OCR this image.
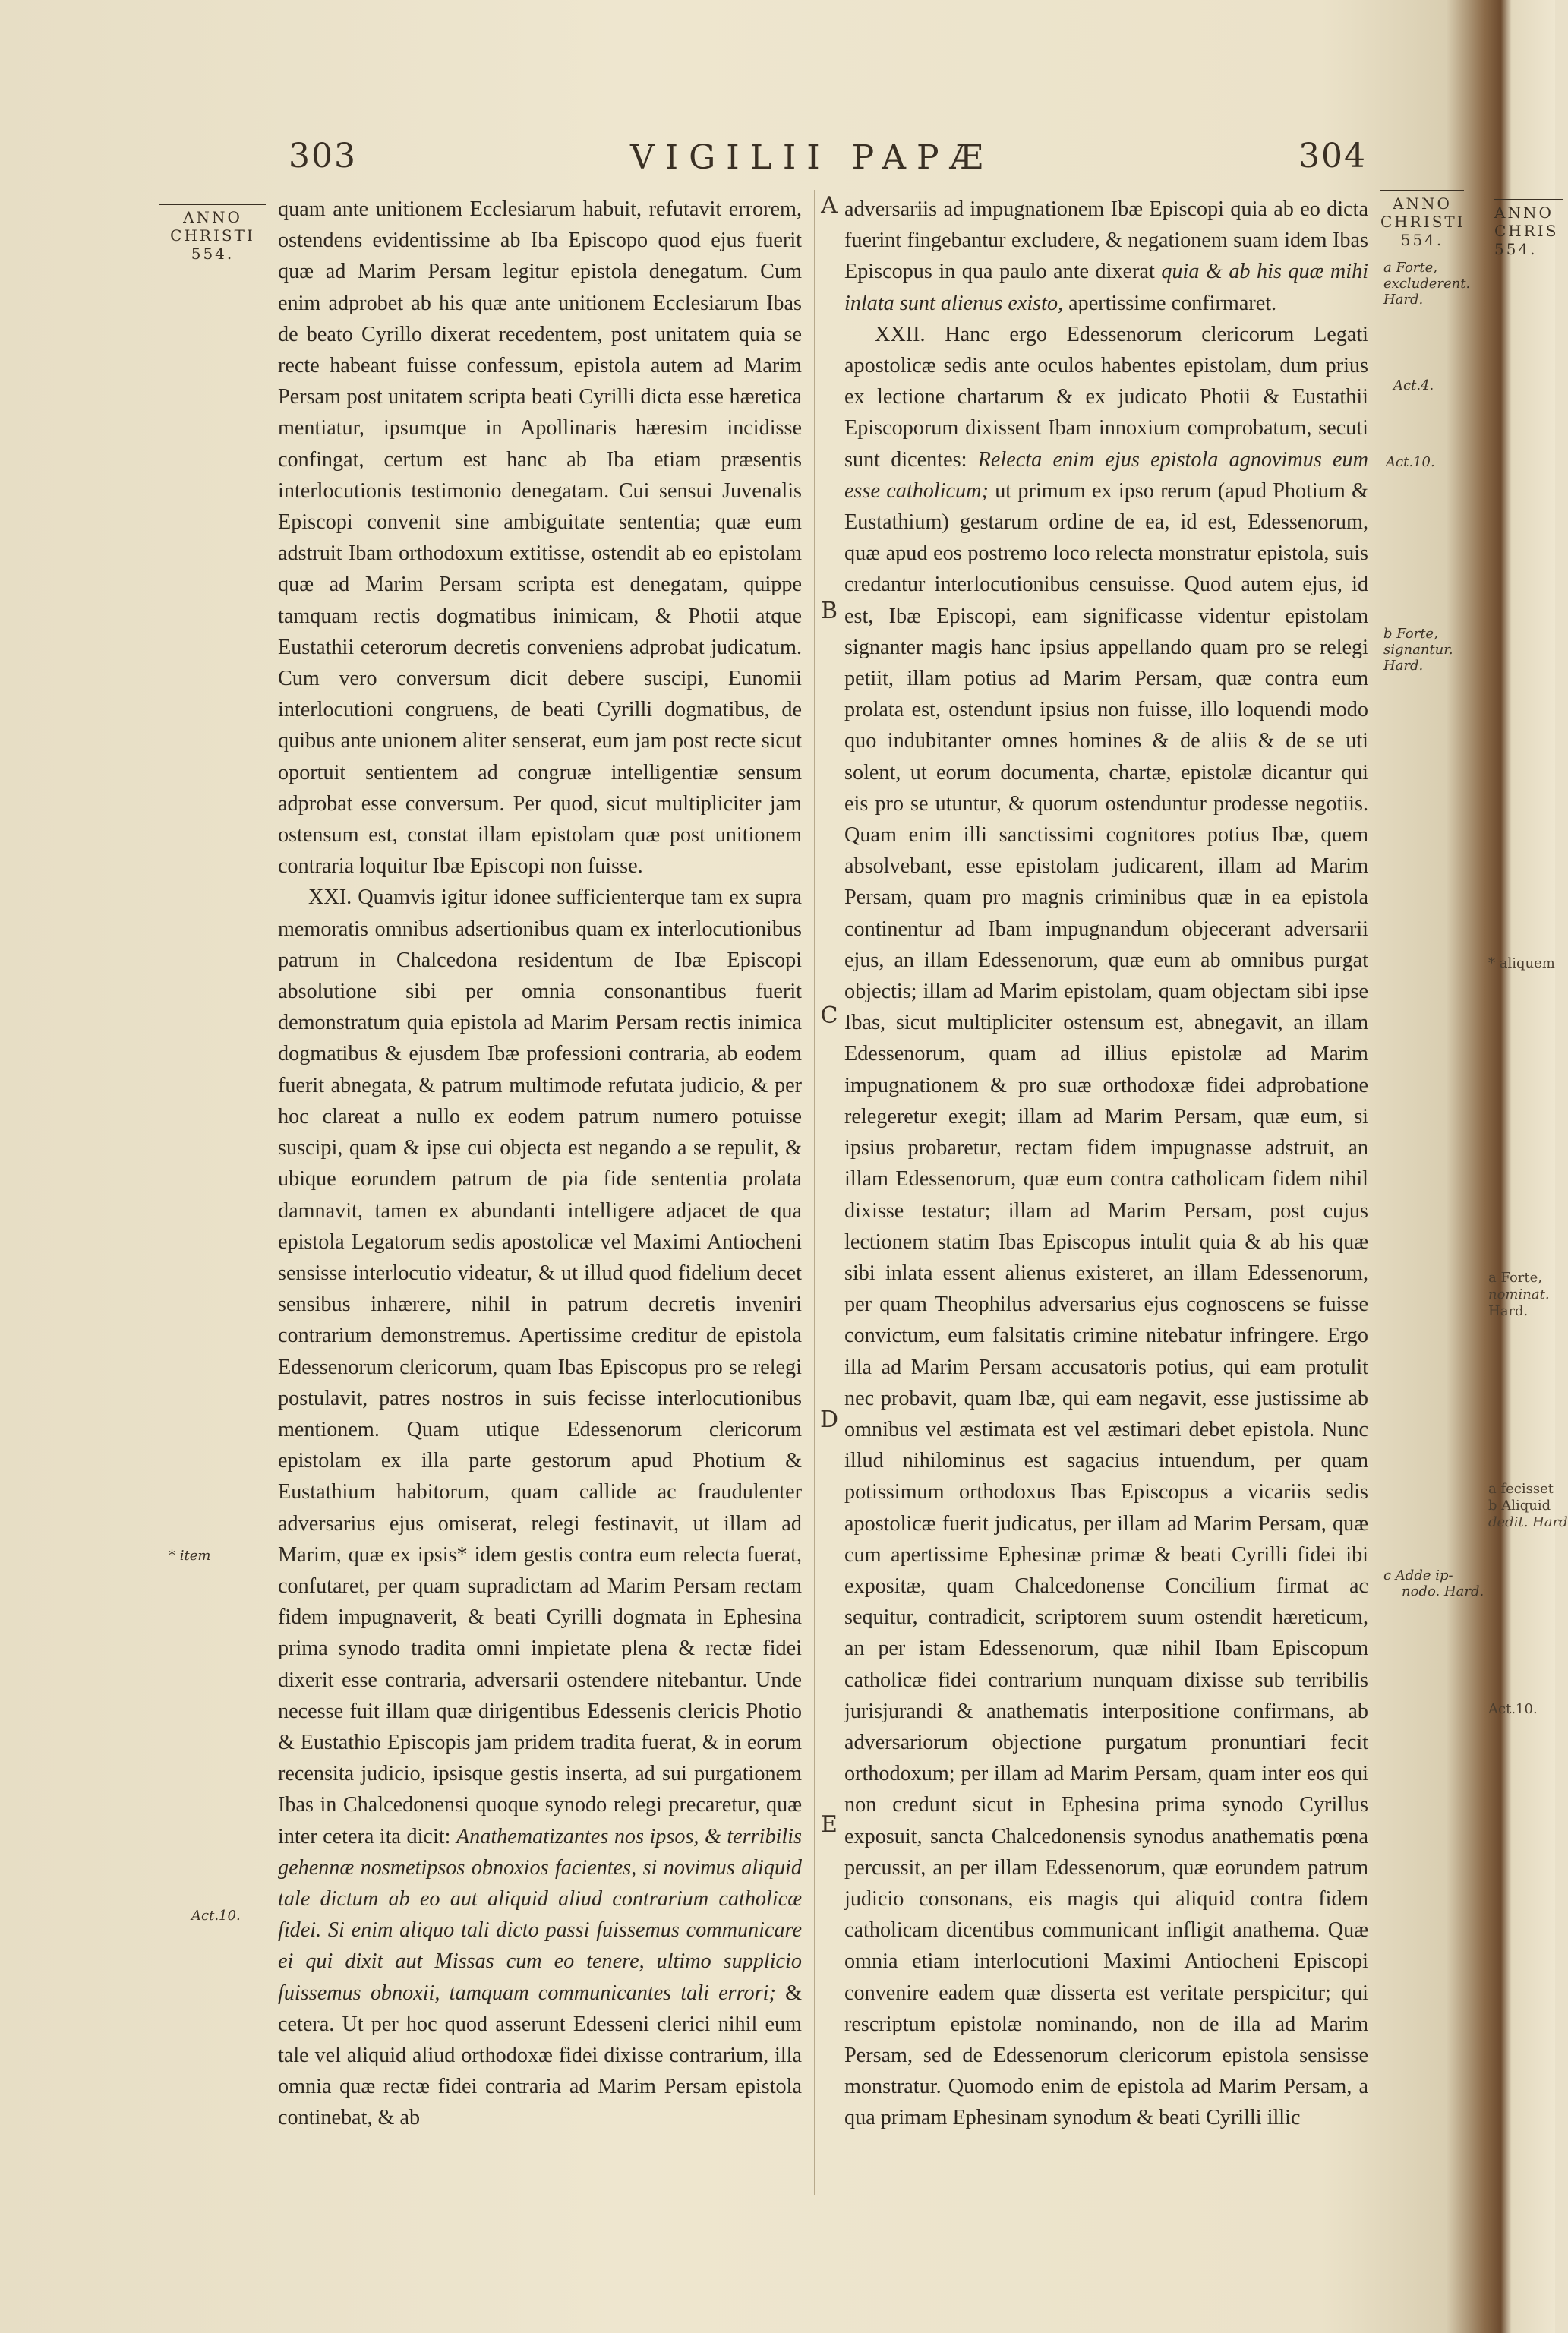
303	VIGILII PAPÆ	304
ANNO
CHRISTI
554.
* item
Act.10.

quam ante unitionem Ecclesiarum habuit, refutavit errorem, ostendens evidentissime ab Iba Episcopo quod ejus fuerit quæ ad Marim Persam legitur epistola denegatum. Cum enim adprobet ab his quæ ante unitionem Ecclesiarum Ibas de beato Cyrillo dixerat recedentem, post unitatem quia se recte habeant fuisse confessum, epistola autem ad Marim Persam post unitatem scripta beati Cyrilli dicta esse hæretica mentiatur, ipsumque in Apollinaris hæresim incidisse confingat, certum est hanc ab Iba etiam præsentis interlocutionis testimonio denegatam. Cui sensui Juvenalis Episcopi convenit sine ambiguitate sententia; quæ eum adstruit Ibam orthodoxum extitisse, ostendit ab eo epistolam quæ ad Marim Persam scripta est denegatam, quippe tamquam rectis dogmatibus inimicam, & Photii atque Eustathii ceterorum decretis conveniens adprobat judicatum. Cum vero conversum dicit debere suscipi, Eunomii interlocutioni congruens, de beati Cyrilli dogmatibus, de quibus ante unionem aliter senserat, eum jam post recte sicut oportuit sentientem ad congruæ intelligentiæ sensum adprobat esse conversum. Per quod, sicut multipliciter jam ostensum est, constat illam epistolam quæ post unitionem contraria loquitur Ibæ Episcopi non fuisse.

XXI. Quamvis igitur idonee sufficienterque tam ex supra memoratis omnibus adsertionibus quam ex interlocutionibus patrum in Chalcedona residentum de Ibæ Episcopi absolutione sibi per omnia consonantibus fuerit demonstratum quia epistola ad Marim Persam rectis inimica dogmatibus & ejusdem Ibæ professioni contraria, ab eodem fuerit abnegata, & patrum multimode refutata judicio, & per hoc clareat a nullo ex eodem patrum numero potuisse suscipi, quam & ipse cui objecta est negando a se repulit, & ubique eorundem patrum de pia fide sententia prolata damnavit, tamen ex abundanti intelligere adjacet de qua epistola Legatorum sedis apostolicæ vel Maximi Antiocheni sensisse interlocutio videatur, & ut illud quod fidelium decet sensibus inhærere, nihil in patrum decretis inveniri contrarium demonstremus. Apertissime creditur de epistola Edessenorum clericorum, quam Ibas Episcopus pro se relegi postulavit, patres nostros in suis fecisse interlocutionibus mentionem. Quam utique Edessenorum clericorum epistolam ex illa parte gestorum apud Photium & Eustathium habitorum, quam callide ac fraudulenter adversarius ejus omiserat, relegi festinavit, ut illam ad Marim, quæ ex ipsis* idem gestis contra eum relecta fuerat, confutaret, per quam supradictam ad Marim Persam rectam fidem impugnaverit, & beati Cyrilli dogmata in Ephesina prima synodo tradita omni impietate plena & rectæ fidei dixerit esse contraria, adversarii ostendere nitebantur. Unde necesse fuit illam quæ dirigentibus Edessenis clericis Photio & Eustathio Episcopis jam pridem tradita fuerat, & in eorum recensita judicio, ipsisque gestis inserta, ad sui purgationem Ibas in Chalcedonensi quoque synodo relegi precaretur, quæ inter cetera ita dicit: Anathematizantes nos ipsos, & terribilis gehennæ nosmetipsos obnoxios facientes, si novimus aliquid tale dictum ab eo aut aliquid aliud contrarium catholicæ fidei. Si enim aliquo tali dicto passi fuissemus communicare ei qui dixit aut Missas cum eo tenere, ultimo supplicio fuissemus obnoxii, tamquam communicantes tali errori; & cetera. Ut per hoc quod asserunt Edesseni clerici nihil eum tale vel aliquid aliud orthodoxæ fidei dixisse contrarium, illa omnia quæ rectæ fidei contraria ad Marim Persam epistola continebat, & ab

A
B
C
D
E

adversariis ad impugnationem Ibæ Episcopi quia ab eo dicta fuerint fingebantur excludere, & negationem suam idem Ibas Episcopus in qua paulo ante dixerat quia & ab his quæ mihi inlata sunt alienus existo, apertissime confirmaret.

XXII. Hanc ergo Edessenorum clericorum Legati apostolicæ sedis ante oculos habentes epistolam, dum prius ex lectione chartarum & ex judicato Photii & Eustathii Episcoporum dixissent Ibam innoxium comprobatum, secuti sunt dicentes: Relecta enim ejus epistola agnovimus eum esse catholicum; ut primum ex ipso rerum (apud Photium & Eustathium) gestarum ordine de ea, id est, Edessenorum, quæ apud eos postremo loco relecta monstratur epistola, suis credantur interlocutionibus censuisse. Quod autem ejus, id est, Ibæ Episcopi, eam significasse videntur epistolam signanter magis hanc ipsius appellando quam pro se relegi petiit, illam potius ad Marim Persam, quæ contra eum prolata est, ostendunt ipsius non fuisse, illo loquendi modo quo indubitanter omnes homines & de aliis & de se uti solent, ut eorum documenta, chartæ, epistolæ dicantur qui eis pro se utuntur, & quorum ostenduntur prodesse negotiis. Quam enim illi sanctissimi cognitores potius Ibæ, quem absolvebant, esse epistolam judicarent, illam ad Marim Persam, quam pro magnis criminibus quæ in ea epistola continentur ad Ibam impugnandum objecerant adversarii ejus, an illam Edessenorum, quæ eum ab omnibus purgat objectis; illam ad Marim epistolam, quam objectam sibi ipse Ibas, sicut multipliciter ostensum est, abnegavit, an illam Edessenorum, quam ad illius epistolæ ad Marim impugnationem & pro suæ orthodoxæ fidei adprobatione relegeretur exegit; illam ad Marim Persam, quæ eum, si ipsius probaretur, rectam fidem impugnasse adstruit, an illam Edessenorum, quæ eum contra catholicam fidem nihil dixisse testatur; illam ad Marim Persam, post cujus lectionem statim Ibas Episcopus intulit quia & ab his quæ sibi inlata essent alienus existeret, an illam Edessenorum, per quam Theophilus adversarius ejus cognoscens se fuisse convictum, eum falsitatis crimine nitebatur infringere. Ergo illa ad Marim Persam accusatoris potius, qui eam protulit nec probavit, quam Ibæ, qui eam negavit, esse justissime ab omnibus vel æstimata est vel æstimari debet epistola. Nunc illud nihilominus est sagacius intuendum, per quam potissimum orthodoxus Ibas Episcopus a vicariis sedis apostolicæ fuerit judicatus, per illam ad Marim Persam, quæ cum apertissime Ephesinæ primæ & beati Cyrilli fidei ibi expositæ, quam Chalcedonense Concilium firmat ac sequitur, contradicit, scriptorem suum ostendit hæreticum, an per istam Edessenorum, quæ nihil Ibam Episcopum catholicæ fidei contrarium nunquam dixisse sub terribilis jurisjurandi & anathematis interpositione confirmans, ab adversariorum objectione purgatum pronuntiari fecit orthodoxum; per illam ad Marim Persam, quam inter eos qui non credunt sicut in Ephesina prima synodo Cyrillus exposuit, sancta Chalcedonensis synodus anathematis pœna percussit, an per illam Edessenorum, quæ eorundem patrum judicio consonans, eis magis qui aliquid contra fidem catholicam dicentibus communicant infligit anathema. Quæ omnia etiam interlocutioni Maximi Antiocheni Episcopi convenire eadem quæ disserta est veritate perspicitur; qui rescriptum epistolæ nominando, non de illa ad Marim Persam, sed de Edessenorum clericorum epistola sensisse monstratur. Quomodo enim de epistola ad Marim Persam, a qua primam Ephesinam synodum & beati Cyrilli illic

ANNO
CHRISTI
554.
a Forte, excluderent. Hard.
Act.4.
Act.10.
b Forte, signantur. Hard.
c Adde ip-
nodo. Hard.
ANNO
CHRIS
554.
* aliquem
a Forte,
nominat.
Hard.
a fecisset
b Aliquid
dedit. Hard
Act.10.
